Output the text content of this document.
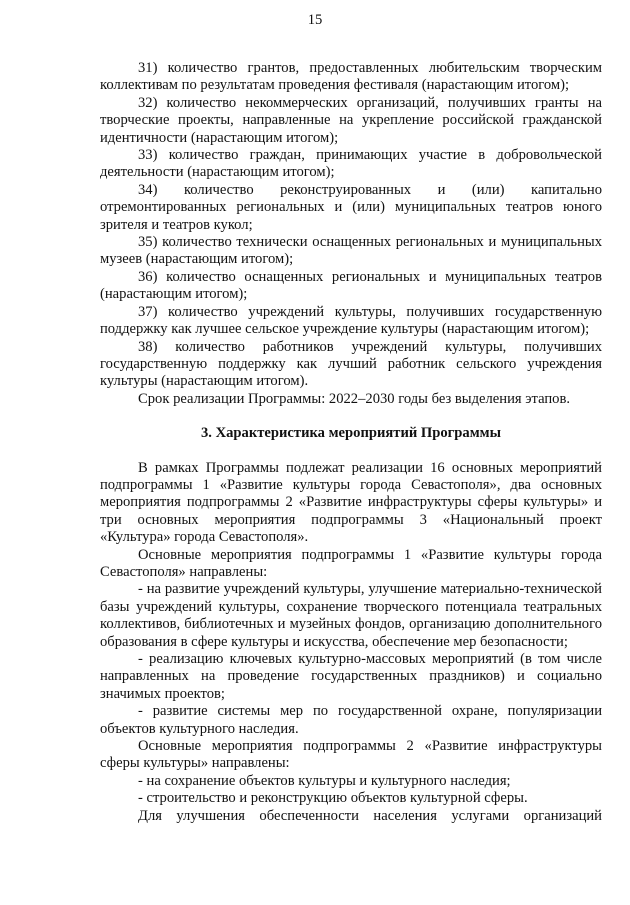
15

31) количество грантов, предоставленных любительским творческим коллективам по результатам проведения фестиваля (нарастающим итогом);

32) количество некоммерческих организаций, получивших гранты на творческие проекты, направленные на укрепление российской гражданской идентичности (нарастающим итогом);

33) количество граждан, принимающих участие в добровольческой деятельности (нарастающим итогом);

34) количество реконструированных и (или) капитально отремонтированных региональных и (или) муниципальных театров юного зрителя и театров кукол;

35) количество технически оснащенных региональных и муниципальных музеев (нарастающим итогом);

36) количество оснащенных региональных и муниципальных театров (нарастающим итогом);

37) количество учреждений культуры, получивших государственную поддержку как лучшее сельское учреждение культуры (нарастающим итогом);

38) количество работников учреждений культуры, получивших государственную поддержку как лучший работник сельского учреждения культуры (нарастающим итогом).

Срок реализации Программы: 2022–2030 годы без выделения этапов.

3. Характеристика мероприятий Программы

В рамках Программы подлежат реализации 16 основных мероприятий подпрограммы 1 «Развитие культуры города Севастополя», два основных мероприятия подпрограммы 2 «Развитие инфраструктуры сферы культуры» и три основных мероприятия подпрограммы 3 «Национальный проект «Культура» города Севастополя».

Основные мероприятия подпрограммы 1 «Развитие культуры города Севастополя» направлены:

- на развитие учреждений культуры, улучшение материально-технической базы учреждений культуры, сохранение творческого потенциала театральных коллективов, библиотечных и музейных фондов, организацию дополнительного образования в сфере культуры и искусства, обеспечение мер безопасности;

- реализацию ключевых культурно-массовых мероприятий (в том числе направленных на проведение государственных праздников) и социально значимых проектов;

- развитие системы мер по государственной охране, популяризации объектов культурного наследия.

Основные мероприятия подпрограммы 2 «Развитие инфраструктуры сферы культуры» направлены:

- на сохранение объектов культуры и культурного наследия;

- строительство и реконструкцию объектов культурной сферы.

Для улучшения обеспеченности населения услугами организаций
